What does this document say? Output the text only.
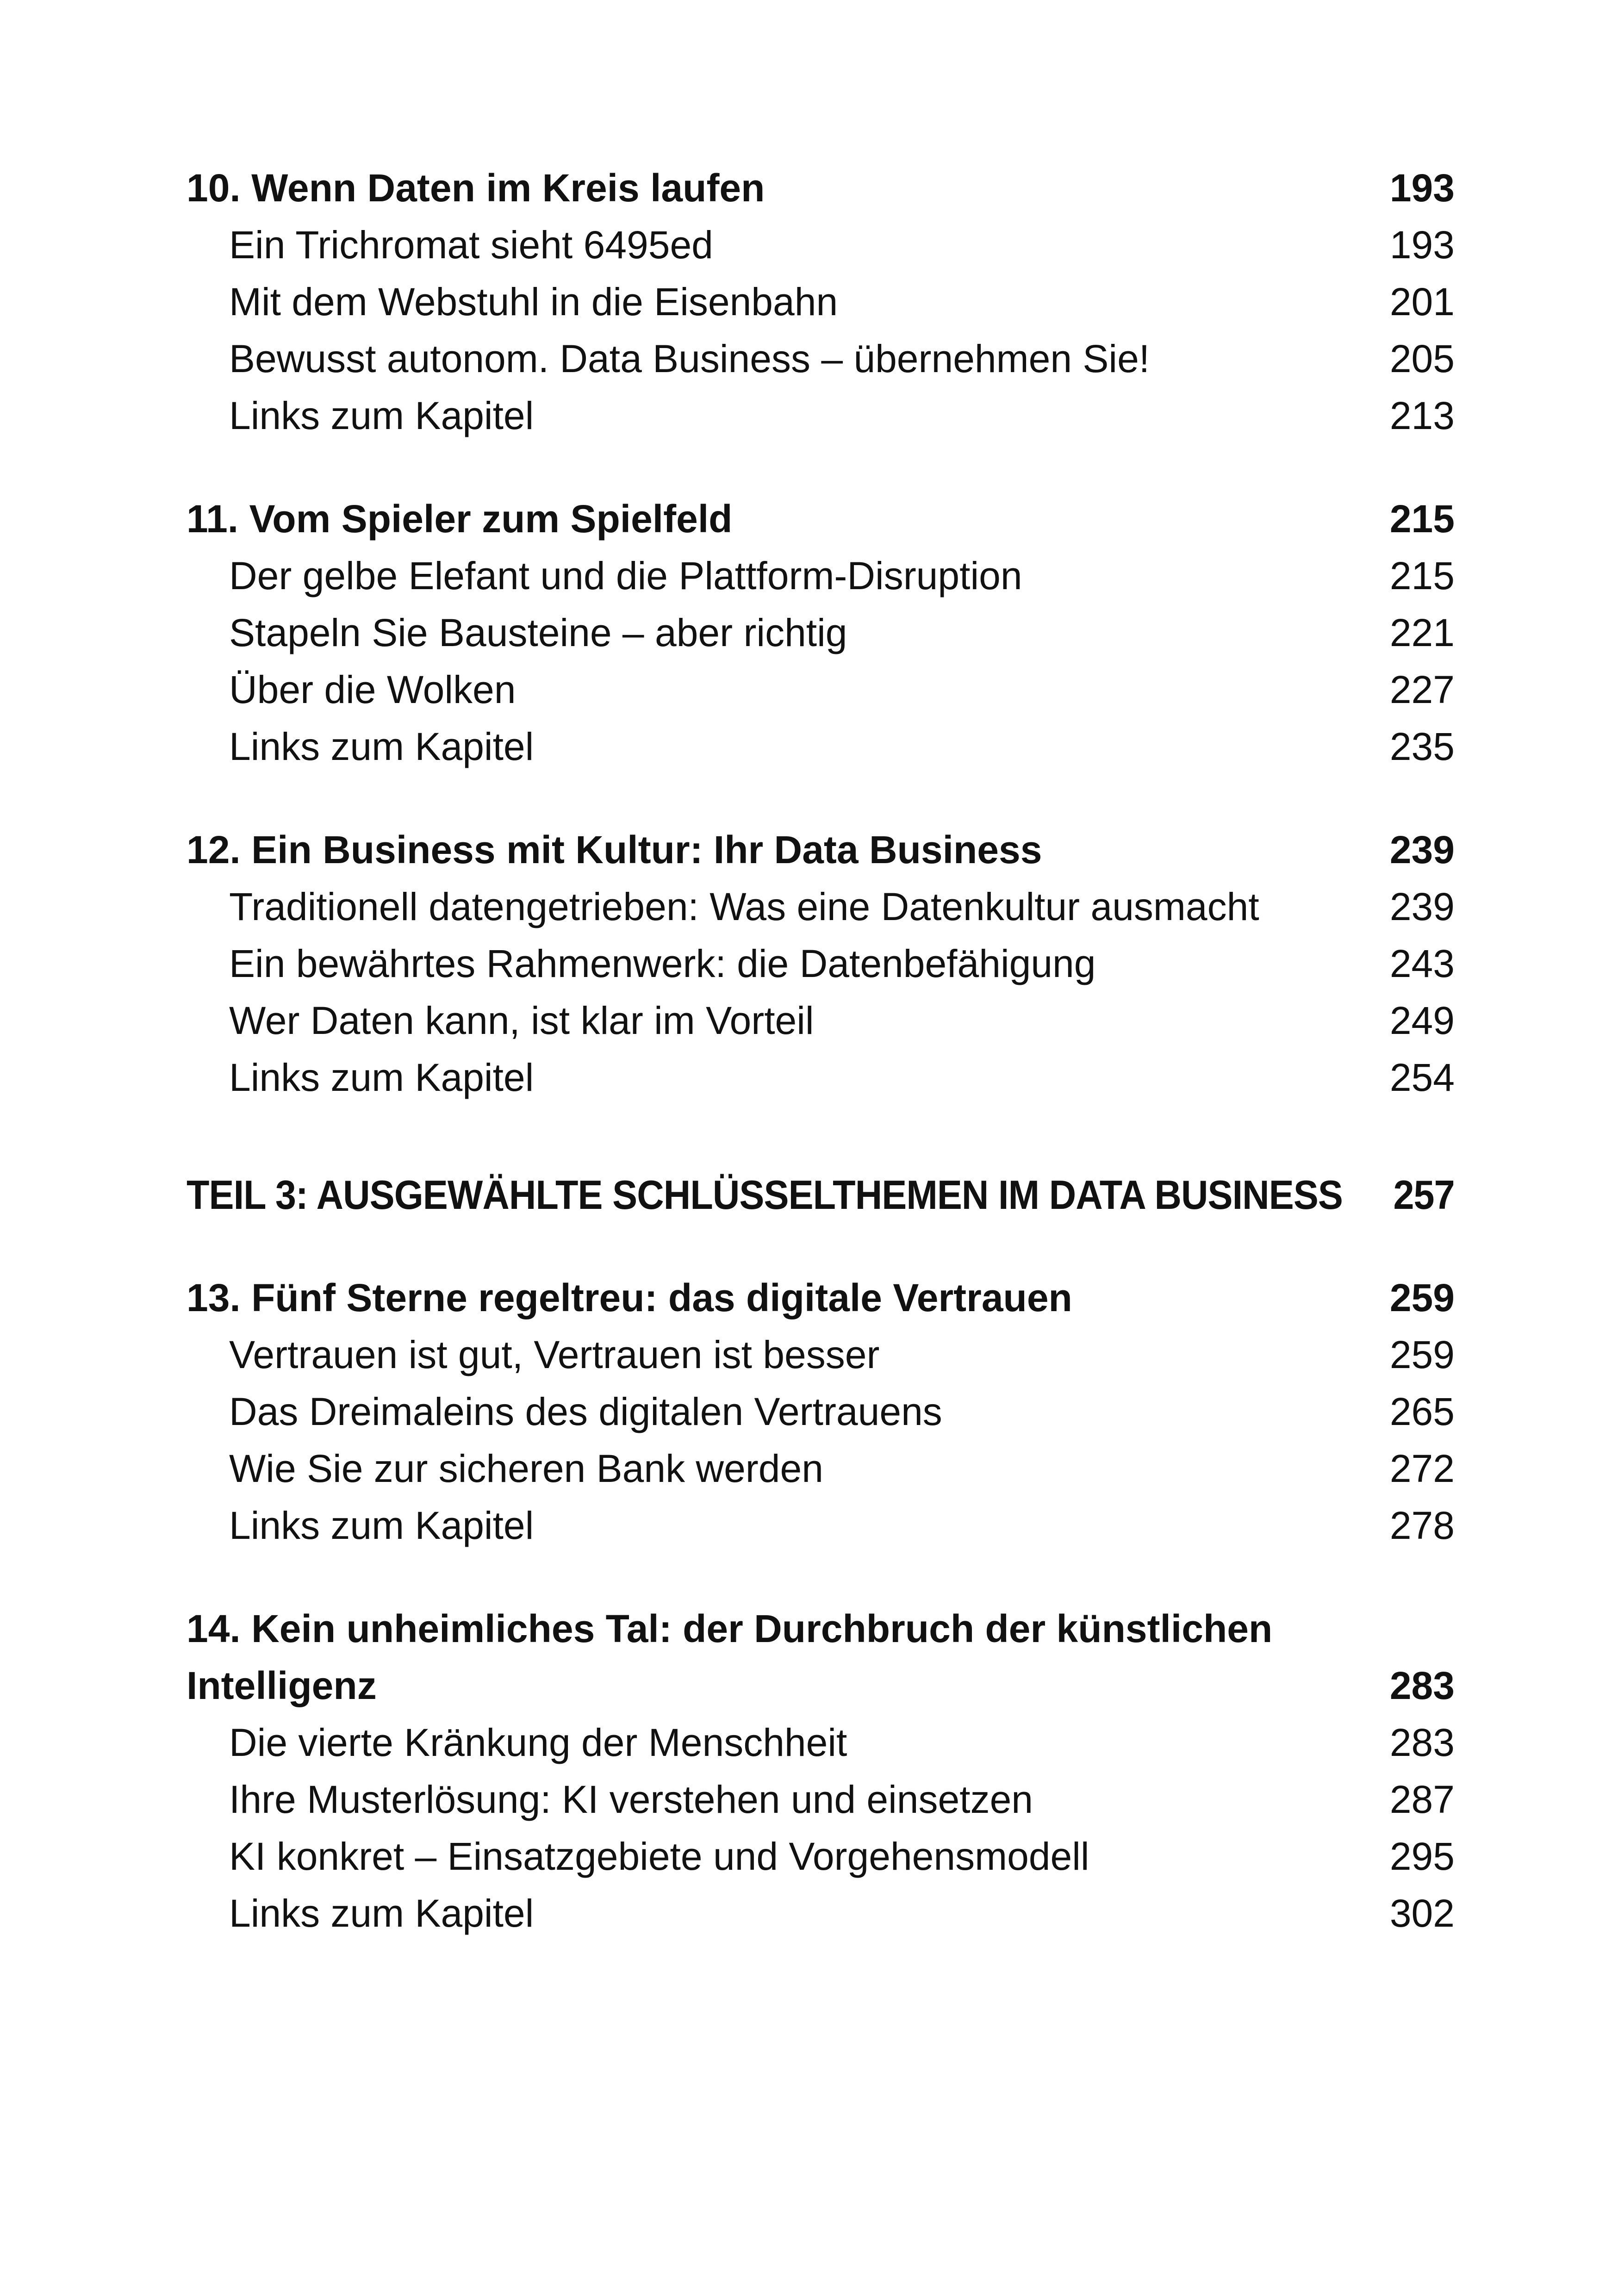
10. Wenn Daten im Kreis laufen	193
Ein Trichromat sieht 6495ed	193
Mit dem Webstuhl in die Eisenbahn	201
Bewusst autonom. Data Business – übernehmen Sie!	205
Links zum Kapitel	213
11. Vom Spieler zum Spielfeld	215
Der gelbe Elefant und die Plattform-Disruption	215
Stapeln Sie Bausteine – aber richtig	221
Über die Wolken	227
Links zum Kapitel	235
12. Ein Business mit Kultur: Ihr Data Business	239
Traditionell datengetrieben: Was eine Datenkultur ausmacht	239
Ein bewährtes Rahmenwerk: die Datenbefähigung	243
Wer Daten kann, ist klar im Vorteil	249
Links zum Kapitel	254
TEIL 3: AUSGEWÄHLTE SCHLÜSSELTHEMEN IM DATA BUSINESS	257
13. Fünf Sterne regeltreu: das digitale Vertrauen	259
Vertrauen ist gut, Vertrauen ist besser	259
Das Dreimaleins des digitalen Vertrauens	265
Wie Sie zur sicheren Bank werden	272
Links zum Kapitel	278
14. Kein unheimliches Tal: der Durchbruch der künstlichen
Intelligenz	283
Die vierte Kränkung der Menschheit	283
Ihre Musterlösung: KI verstehen und einsetzen	287
KI konkret – Einsatzgebiete und Vorgehensmodell	295
Links zum Kapitel	302
